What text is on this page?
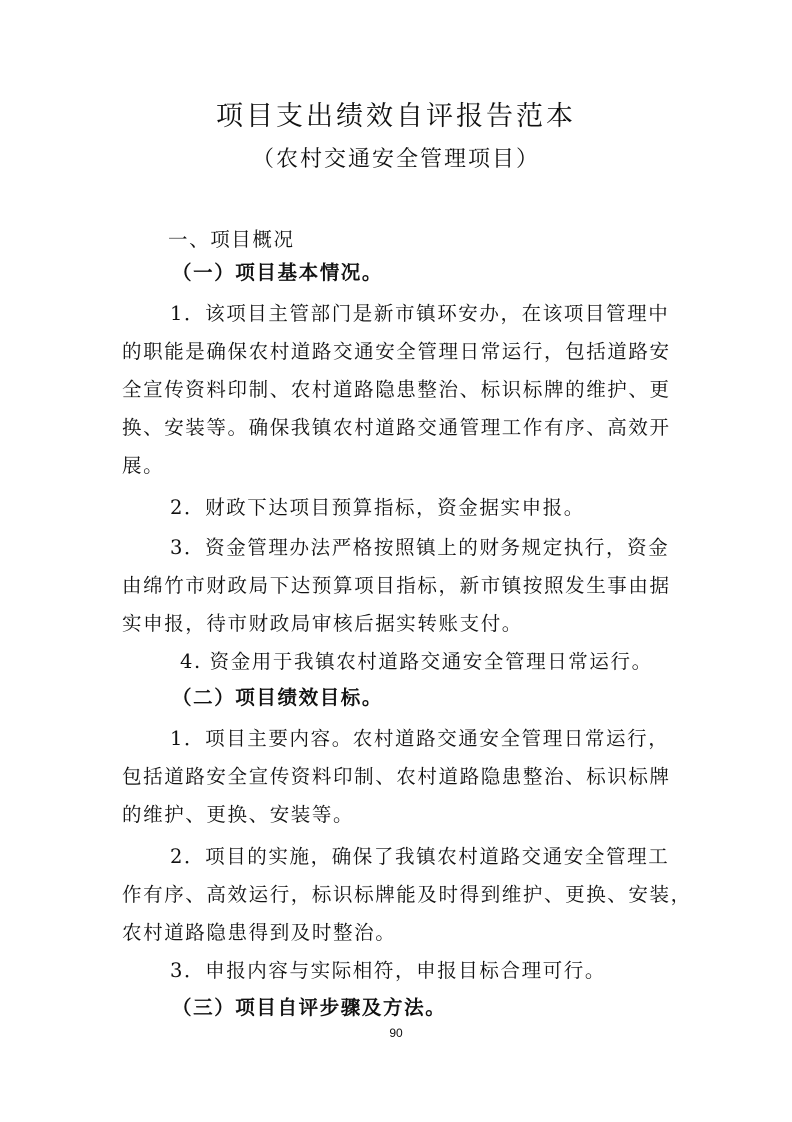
项目支出绩效自评报告范本
（农村交通安全管理项目）
一、项目概况
（一）项目基本情况。
1．该项目主管部门是新市镇环安办，在该项目管理中
的职能是确保农村道路交通安全管理日常运行，包括道路安
全宣传资料印制、农村道路隐患整治、标识标牌的维护、更
换、安装等。确保我镇农村道路交通管理工作有序、高效开
展。
2．财政下达项目预算指标，资金据实申报。
3．资金管理办法严格按照镇上的财务规定执行，资金
由绵竹市财政局下达预算项目指标，新市镇按照发生事由据
实申报，待市财政局审核后据实转账支付。
4. 资金用于我镇农村道路交通安全管理日常运行。
（二）项目绩效目标。
1．项目主要内容。农村道路交通安全管理日常运行，
包括道路安全宣传资料印制、农村道路隐患整治、标识标牌
的维护、更换、安装等。
2．项目的实施，确保了我镇农村道路交通安全管理工
作有序、高效运行，标识标牌能及时得到维护、更换、安装，
农村道路隐患得到及时整治。
3．申报内容与实际相符，申报目标合理可行。
（三）项目自评步骤及方法。
90
